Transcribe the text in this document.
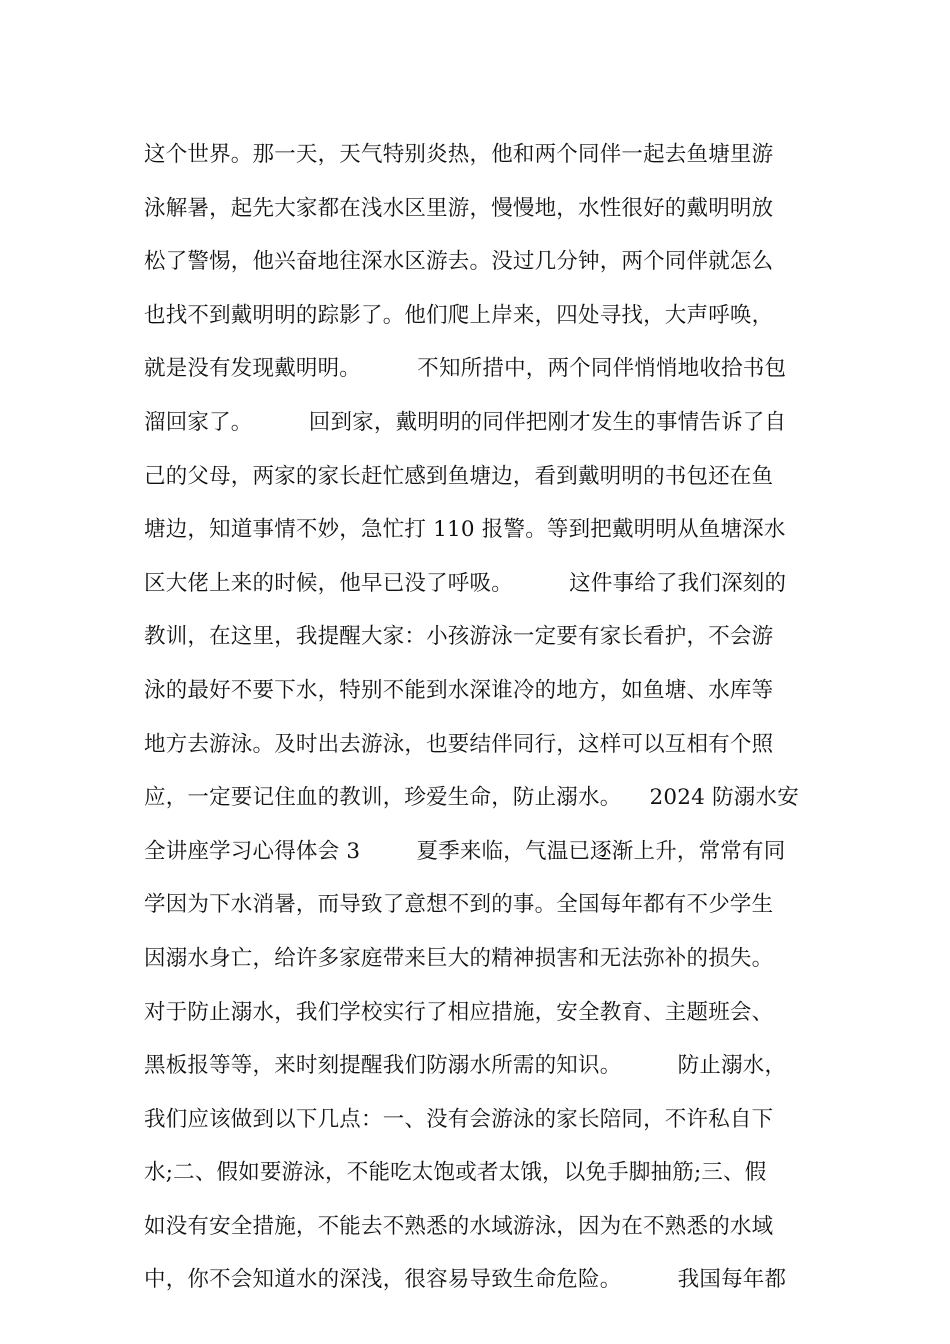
这个世界。那一天，天气特别炎热，他和两个同伴一起去鱼塘里游
泳解暑，起先大家都在浅水区里游，慢慢地，水性很好的戴明明放
松了警惕，他兴奋地往深水区游去。没过几分钟，两个同伴就怎么
也找不到戴明明的踪影了。他们爬上岸来，四处寻找，大声呼唤，
就是没有发现戴明明。        不知所措中，两个同伴悄悄地收拾书包
溜回家了。        回到家，戴明明的同伴把刚才发生的事情告诉了自
己的父母，两家的家长赶忙感到鱼塘边，看到戴明明的书包还在鱼
塘边，知道事情不妙，急忙打 110 报警。等到把戴明明从鱼塘深水
区大佬上来的时候，他早已没了呼吸。        这件事给了我们深刻的
教训，在这里，我提醒大家：小孩游泳一定要有家长看护，不会游
泳的最好不要下水，特别不能到水深谁冷的地方，如鱼塘、水库等
地方去游泳。及时出去游泳，也要结伴同行，这样可以互相有个照
应，一定要记住血的教训，珍爱生命，防止溺水。    2024 防溺水安
全讲座学习心得体会 3        夏季来临，气温已逐渐上升，常常有同
学因为下水消暑，而导致了意想不到的事。全国每年都有不少学生
因溺水身亡，给许多家庭带来巨大的精神损害和无法弥补的损失。
对于防止溺水，我们学校实行了相应措施，安全教育、主题班会、
黑板报等等，来时刻提醒我们防溺水所需的知识。        防止溺水，
我们应该做到以下几点：一、没有会游泳的家长陪同，不许私自下
水;二、假如要游泳，不能吃太饱或者太饿，以免手脚抽筋;三、假
如没有安全措施，不能去不熟悉的水域游泳，因为在不熟悉的水域
中，你不会知道水的深浅，很容易导致生命危险。        我国每年都
